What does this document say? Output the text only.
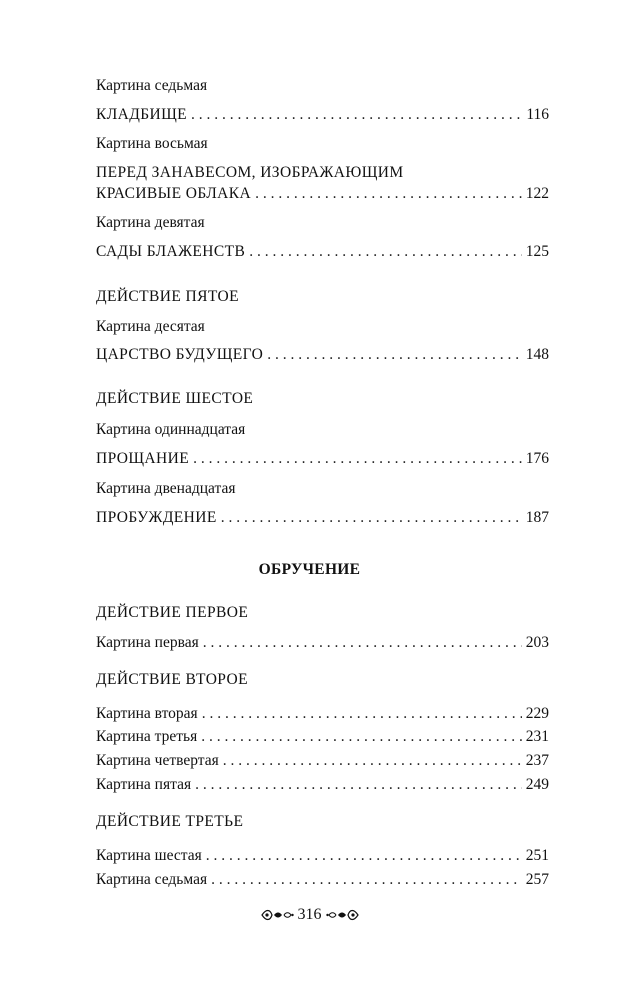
Картина седьмая
КЛАДБИЩЕ . . .	116
Картина восьмая
ПЕРЕД ЗАНАВЕСОМ, ИЗОБРАЖАЮЩИМ
КРАСИВЫЕ ОБЛАКА . . .	122
Картина девятая
САДЫ БЛАЖЕНСТВ . . .	125
ДЕЙСТВИЕ ПЯТОЕ
Картина десятая
ЦАРСТВО БУДУЩЕГО . . .	148
ДЕЙСТВИЕ ШЕСТОЕ
Картина одиннадцатая
ПРОЩАНИЕ . . .	176
Картина двенадцатая
ПРОБУЖДЕНИЕ . . .	187
ОБРУЧЕНИЕ
ДЕЙСТВИЕ ПЕРВОЕ
Картина первая . . .	203
ДЕЙСТВИЕ ВТОРОЕ
Картина вторая . . .	229
Картина третья . . .	231
Картина четвертая . . .	237
Картина пятая . . .	249
ДЕЙСТВИЕ ТРЕТЬЕ
Картина шестая . . .	251
Картина седьмая . . .	257
316
